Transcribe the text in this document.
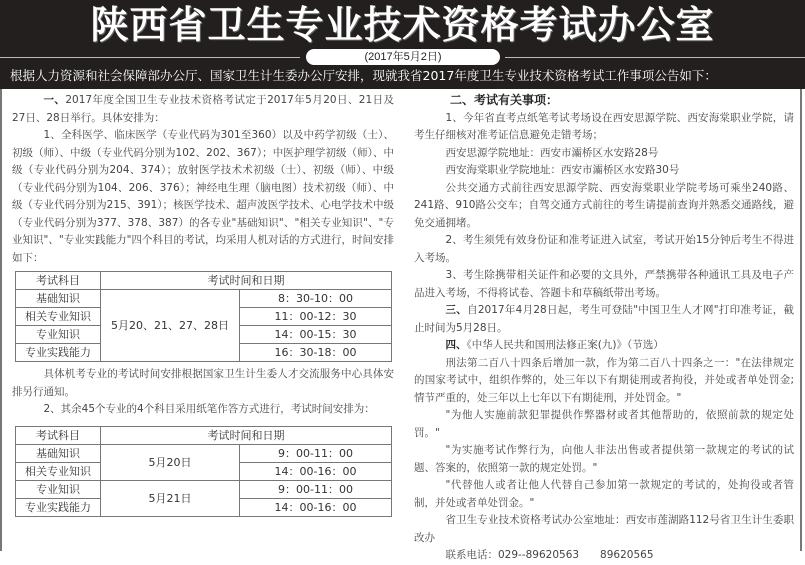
陕西省卫生专业技术资格考试办公室
(2017年5月2日)
根据人力资源和社会保障部办公厅、国家卫生计生委办公厅安排，现就我省2017年度卫生专业技术资格考试工作事项公告如下：

一、2017年度全国卫生专业技术资格考试定于2017年5月20日、21日及27日、28日举行。具体安排为：

1、全科医学、临床医学（专业代码为301至360）以及中药学初级（士）、初级（师）、中级（专业代码分别为102、202、367）；中医护理学初级（师）、中级（专业代码分别为204、374）；放射医学技术术初级（士）、初级（师）、中级（专业代码分别为104、206、376）；神经电生理（脑电图）技术初级（师）、中级（专业代码分别为215、391）；核医学技术、超声波医学技术、心电学技术中级（专业代码分别为377、378、387）的各专业"基础知识"、"相关专业知识"、"专业知识"、"专业实践能力"四个科目的考试，均采用人机对话的方式进行，时间安排如下：

考试科目	考试时间和日期	
基础知识	5月20、21、27、28日	8：30-10：00
相关专业知识		11：00-12：30
专业知识		14：00-15：30
专业实践能力		16：30-18：00

具体机考专业的考试时间安排根据国家卫生计生委人才交流服务中心具体安排另行通知。

2、其余45个专业的4个科目采用纸笔作答方式进行，考试时间安排为：

考试科目	考试时间和日期	
基础知识	5月20日	9：00-11：00
相关专业知识		14：00-16：00
专业知识	5月21日	9：00-11：00
专业实践能力		14：00-16：00

二、考试有关事项：

1、今年省直考点纸笔考试考场设在西安思源学院、西安海棠职业学院，请考生仔细核对准考证信息避免走错考场；

西安思源学院地址：西安市灞桥区水安路28号

西安海棠职业学院地址：西安市灞桥区水安路30号

公共交通方式前往西安思源学院、西安海棠职业学院考场可乘坐240路、241路、910路公交车；自驾交通方式前往的考生请提前查询并熟悉交通路线，避免交通拥堵。

2、考生须凭有效身份证和准考证进入试室，考试开始15分钟后考生不得进入考场。

3、考生除携带相关证件和必要的文具外，严禁携带各种通讯工具及电子产品进入考场，不得将试卷、答题卡和草稿纸带出考场。

三、自2017年4月28日起，考生可登陆"中国卫生人才网"打印准考证，截止时间为5月28日。

四、《中华人民共和国刑法修正案(九)》（节选）

刑法第二百八十四条后增加一款，作为第二百八十四条之一："在法律规定的国家考试中，组织作弊的，处三年以下有期徒刑或者拘役，并处或者单处罚金;情节严重的，处三年以上七年以下有期徒刑，并处罚金。"

"为他人实施前款犯罪提供作弊器材或者其他帮助的，依照前款的规定处罚。"

"为实施考试作弊行为，向他人非法出售或者提供第一款规定的考试的试题、答案的，依照第一款的规定处罚。"

"代替他人或者让他人代替自己参加第一款规定的考试的，处拘役或者管制，并处或者单处罚金。"

省卫生专业技术资格考试办公室地址：西安市莲湖路112号省卫生计生委职改办

联系电话：029--89620563　　89620565
